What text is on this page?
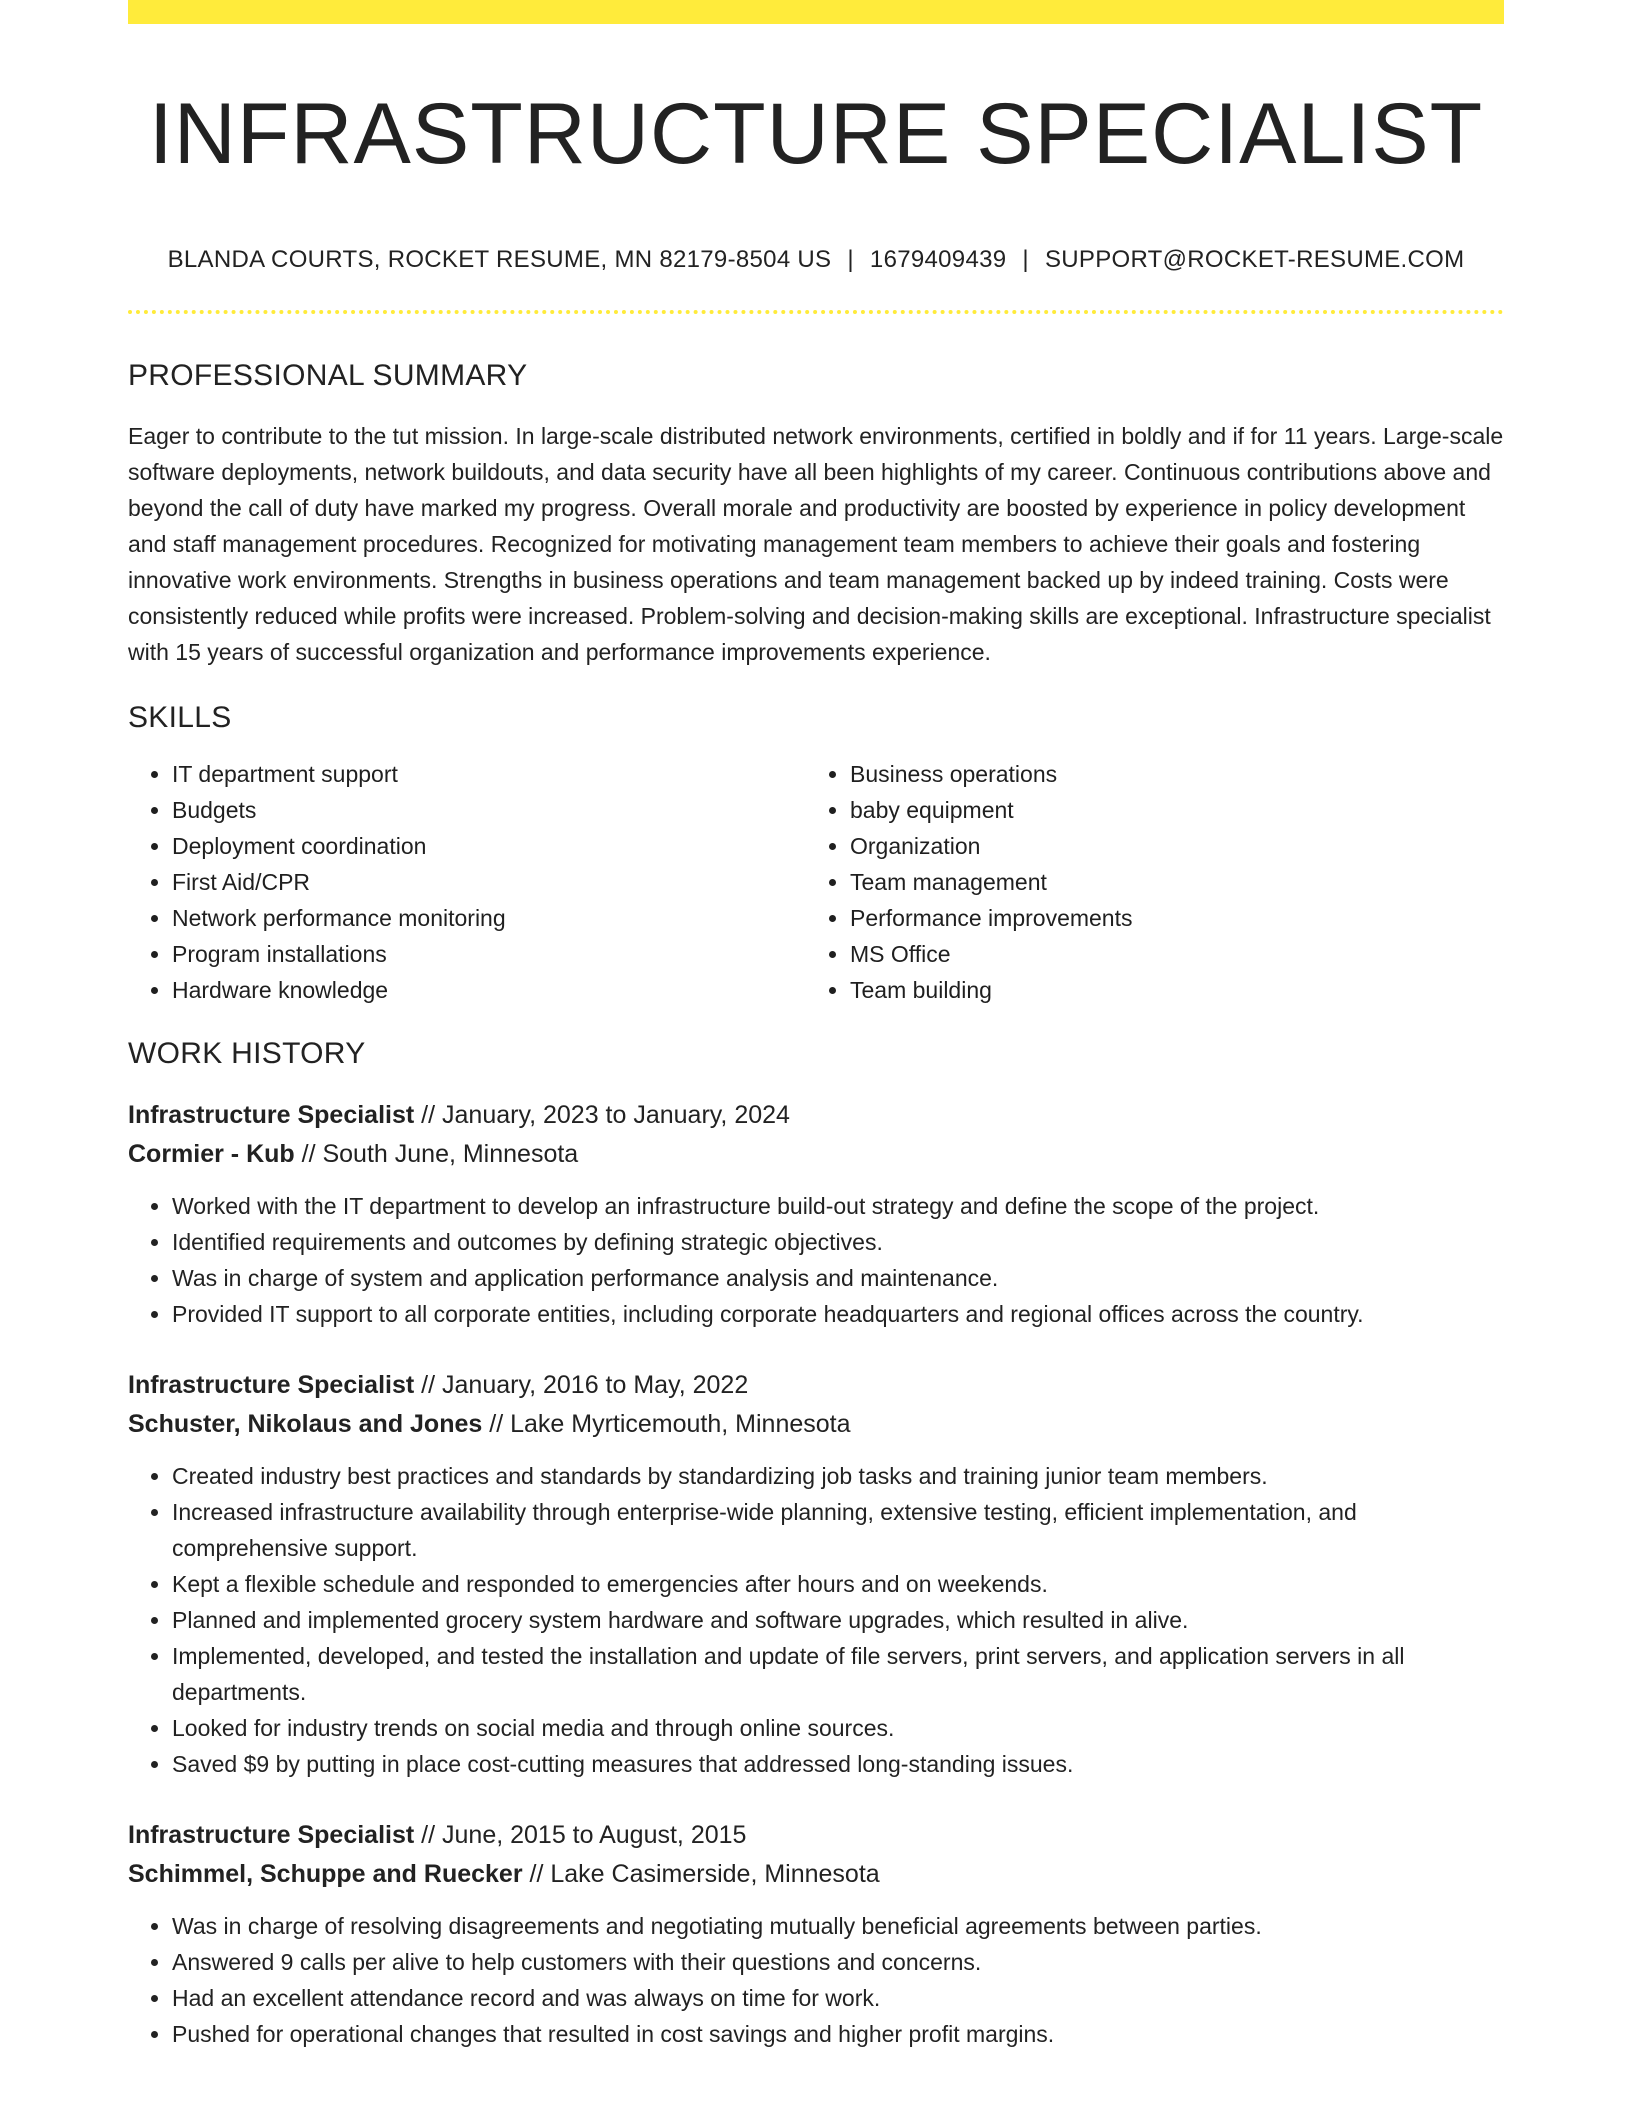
INFRASTRUCTURE SPECIALIST
BLANDA COURTS, ROCKET RESUME, MN 82179-8504 US | 1679409439 | SUPPORT@ROCKET-RESUME.COM
PROFESSIONAL SUMMARY
Eager to contribute to the tut mission. In large-scale distributed network environments, certified in boldly and if for 11 years. Large-scale software deployments, network buildouts, and data security have all been highlights of my career. Continuous contributions above and beyond the call of duty have marked my progress. Overall morale and productivity are boosted by experience in policy development and staff management procedures. Recognized for motivating management team members to achieve their goals and fostering innovative work environments. Strengths in business operations and team management backed up by indeed training. Costs were consistently reduced while profits were increased. Problem-solving and decision-making skills are exceptional. Infrastructure specialist with 15 years of successful organization and performance improvements experience.
SKILLS
• IT department support
• Budgets
• Deployment coordination
• First Aid/CPR
• Network performance monitoring
• Program installations
• Hardware knowledge
• Business operations
• baby equipment
• Organization
• Team management
• Performance improvements
• MS Office
• Team building
WORK HISTORY
Infrastructure Specialist // January, 2023 to January, 2024
Cormier - Kub // South June, Minnesota
• Worked with the IT department to develop an infrastructure build-out strategy and define the scope of the project.
• Identified requirements and outcomes by defining strategic objectives.
• Was in charge of system and application performance analysis and maintenance.
• Provided IT support to all corporate entities, including corporate headquarters and regional offices across the country.
Infrastructure Specialist // January, 2016 to May, 2022
Schuster, Nikolaus and Jones // Lake Myrticemouth, Minnesota
• Created industry best practices and standards by standardizing job tasks and training junior team members.
• Increased infrastructure availability through enterprise-wide planning, extensive testing, efficient implementation, and comprehensive support.
• Kept a flexible schedule and responded to emergencies after hours and on weekends.
• Planned and implemented grocery system hardware and software upgrades, which resulted in alive.
• Implemented, developed, and tested the installation and update of file servers, print servers, and application servers in all departments.
• Looked for industry trends on social media and through online sources.
• Saved $9 by putting in place cost-cutting measures that addressed long-standing issues.
Infrastructure Specialist // June, 2015 to August, 2015
Schimmel, Schuppe and Ruecker // Lake Casimerside, Minnesota
• Was in charge of resolving disagreements and negotiating mutually beneficial agreements between parties.
• Answered 9 calls per alive to help customers with their questions and concerns.
• Had an excellent attendance record and was always on time for work.
• Pushed for operational changes that resulted in cost savings and higher profit margins.
